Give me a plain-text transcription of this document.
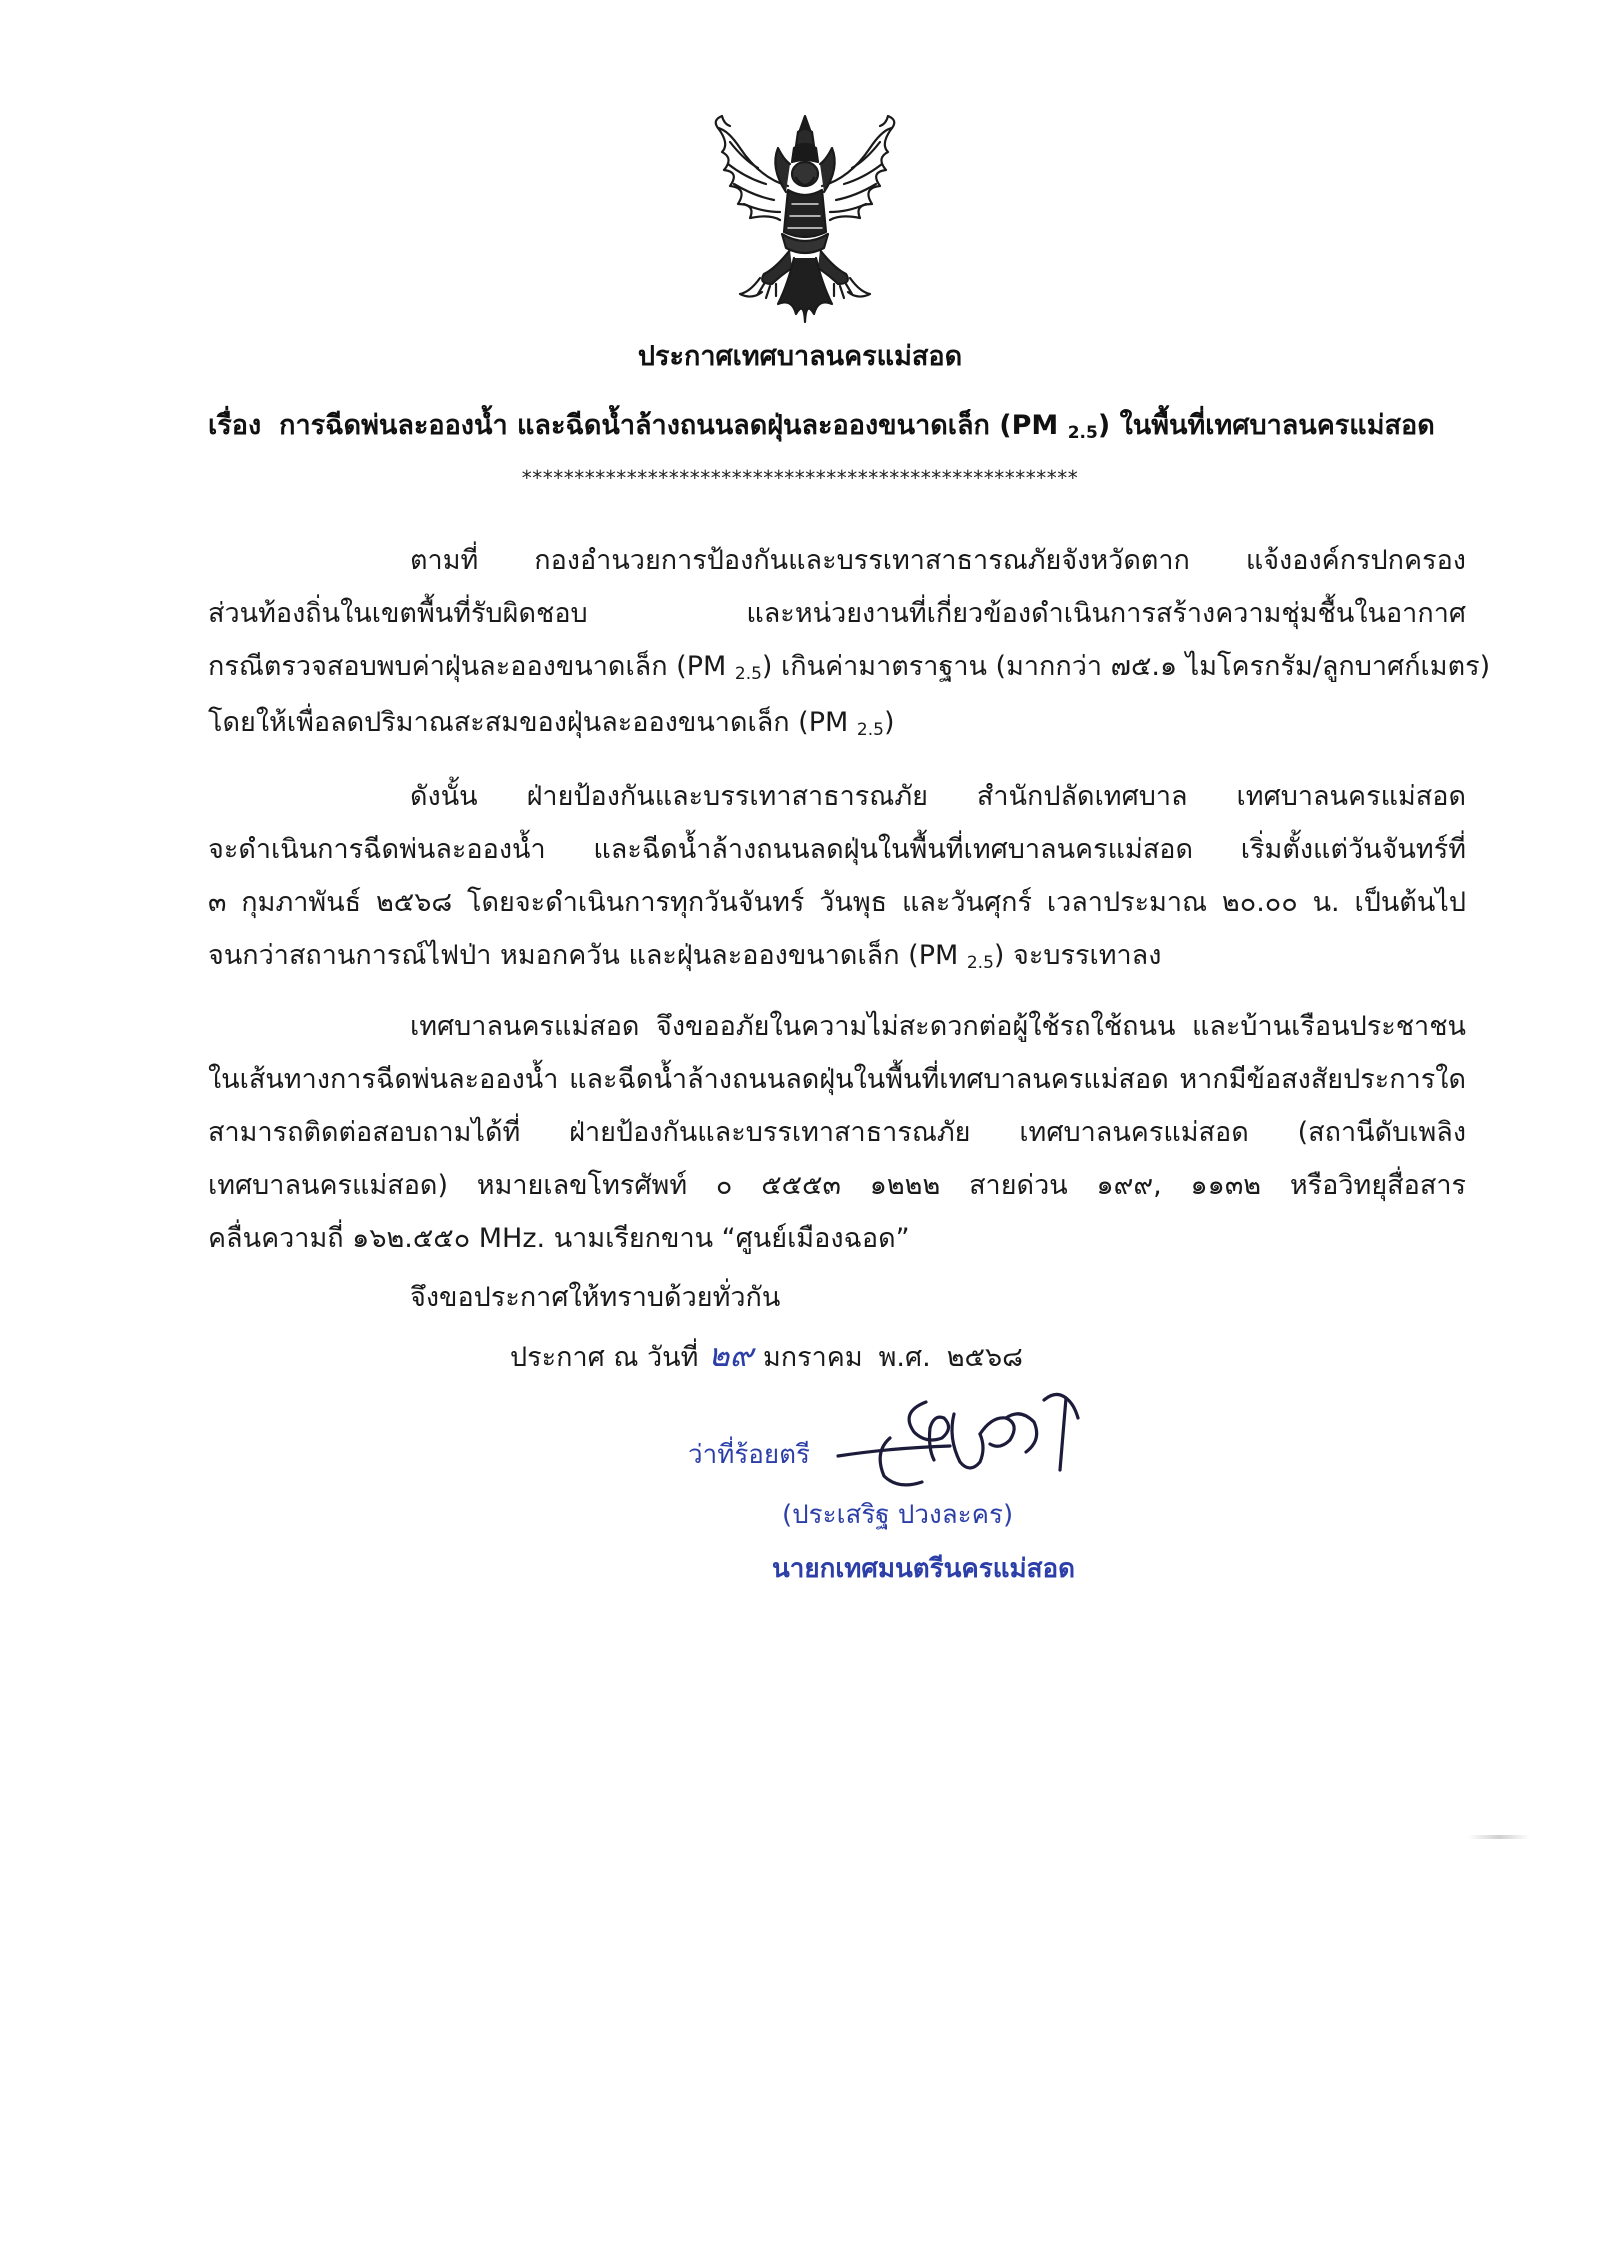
ประกาศเทศบาลนครแม่สอด
เรื่อง การฉีดพ่นละอองน้ำ และฉีดน้ำล้างถนนลดฝุ่นละอองขนาดเล็ก (PM $_{2.5}$) ในพื้นที่เทศบาลนครแม่สอด
*****************************************************
ตามที่ กองอำนวยการป้องกันและบรรเทาสาธารณภัยจังหวัดตาก แจ้งองค์กรปกครอง
ส่วนท้องถิ่นในเขตพื้นที่รับผิดชอบ และหน่วยงานที่เกี่ยวข้องดำเนินการสร้างความชุ่มชื้นในอากาศ
กรณีตรวจสอบพบค่าฝุ่นละอองขนาดเล็ก (PM $_{2.5}$) เกินค่ามาตราฐาน (มากกว่า ๗๕.๑ ไมโครกรัม/ลูกบาศก์เมตร)
โดยให้เพื่อลดปริมาณสะสมของฝุ่นละอองขนาดเล็ก (PM $_{2.5}$)
ดังนั้น ฝ่ายป้องกันและบรรเทาสาธารณภัย สำนักปลัดเทศบาล เทศบาลนครแม่สอด
จะดำเนินการฉีดพ่นละอองน้ำ และฉีดน้ำล้างถนนลดฝุ่นในพื้นที่เทศบาลนครแม่สอด เริ่มตั้งแต่วันจันทร์ที่
๓ กุมภาพันธ์ ๒๕๖๘ โดยจะดำเนินการทุกวันจันทร์ วันพุธ และวันศุกร์ เวลาประมาณ ๒๐.๐๐ น. เป็นต้นไป
จนกว่าสถานการณ์ไฟป่า หมอกควัน และฝุ่นละอองขนาดเล็ก (PM $_{2.5}$) จะบรรเทาลง
เทศบาลนครแม่สอด จึงขออภัยในความไม่สะดวกต่อผู้ใช้รถใช้ถนน และบ้านเรือนประชาชน
ในเส้นทางการฉีดพ่นละอองน้ำ และฉีดน้ำล้างถนนลดฝุ่นในพื้นที่เทศบาลนครแม่สอด หากมีข้อสงสัยประการใด
สามารถติดต่อสอบถามได้ที่ ฝ่ายป้องกันและบรรเทาสาธารณภัย เทศบาลนครแม่สอด (สถานีดับเพลิง
เทศบาลนครแม่สอด) หมายเลขโทรศัพท์ ๐ ๕๕๕๓ ๑๒๒๒ สายด่วน ๑๙๙, ๑๑๓๒ หรือวิทยุสื่อสาร
คลื่นความถี่ ๑๖๒.๕๕๐ MHz. นามเรียกขาน “ศูนย์เมืองฉอด”
จึงขอประกาศให้ทราบด้วยทั่วกัน
ประกาศ ณ วันที่ ๒๙ มกราคม พ.ศ. ๒๕๖๘
ว่าที่ร้อยตรี
(ประเสริฐ ปวงละคร)
นายกเทศมนตรีนครแม่สอด
